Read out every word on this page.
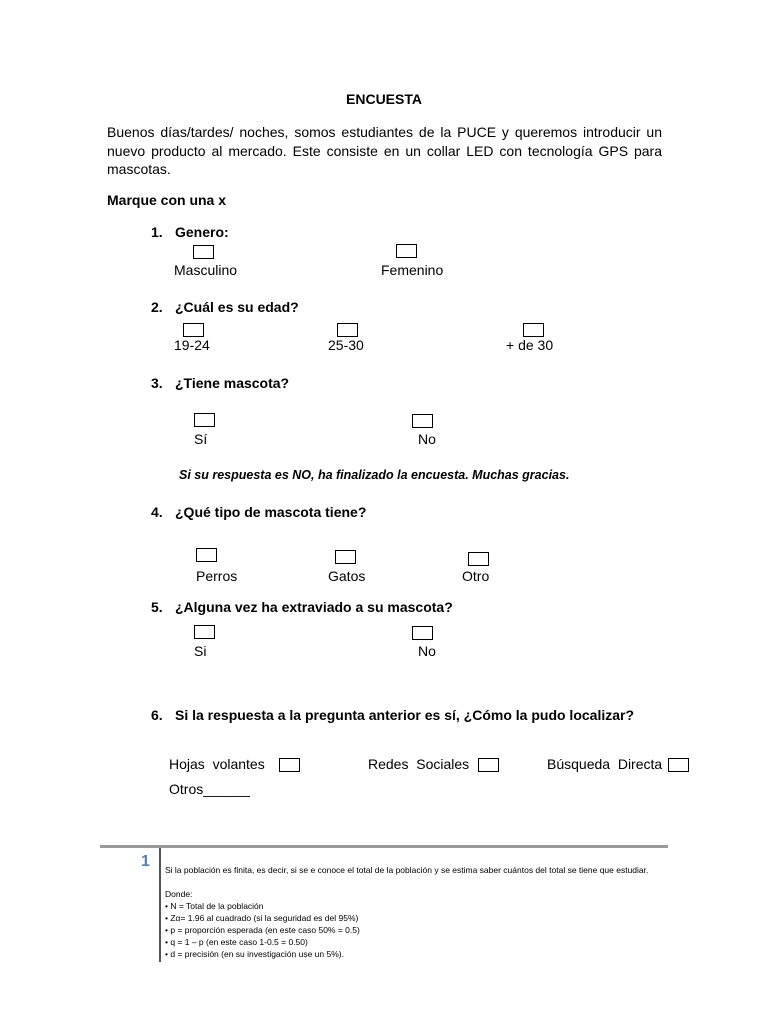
ENCUESTA
Buenos días/tardes/ noches, somos estudiantes de la PUCE y queremos introducir un nuevo producto al mercado. Este consiste en un collar LED con tecnología GPS para mascotas.
Marque con una x
1. Genero:
Masculino	Femenino
2. ¿Cuál es su edad?
19-24	25-30	+ de 30
3. ¿Tiene mascota?
Sí	No
Si su respuesta es NO, ha finalizado la encuesta. Muchas gracias.
4. ¿Qué tipo de mascota tiene?
Perros	Gatos	Otro
5. ¿Alguna vez ha extraviado a su mascota?
Si	No
6. Si la respuesta a la pregunta anterior es sí, ¿Cómo la pudo localizar?
Hojas  volantes	Redes  Sociales	Búsqueda  Directa
Otros______
1 Si la población es finita, es decir, si se e conoce el total de la población y se estima saber cuántos del total se tiene que estudiar.
Donde:
• N = Total de la población
• Zα= 1.96 al cuadrado (si la seguridad es del 95%)
• p = proporción esperada (en este caso 50% = 0.5)
• q = 1 – p (en este caso 1-0.5 = 0.50)
• d = precisión (en su investigación use un 5%).
